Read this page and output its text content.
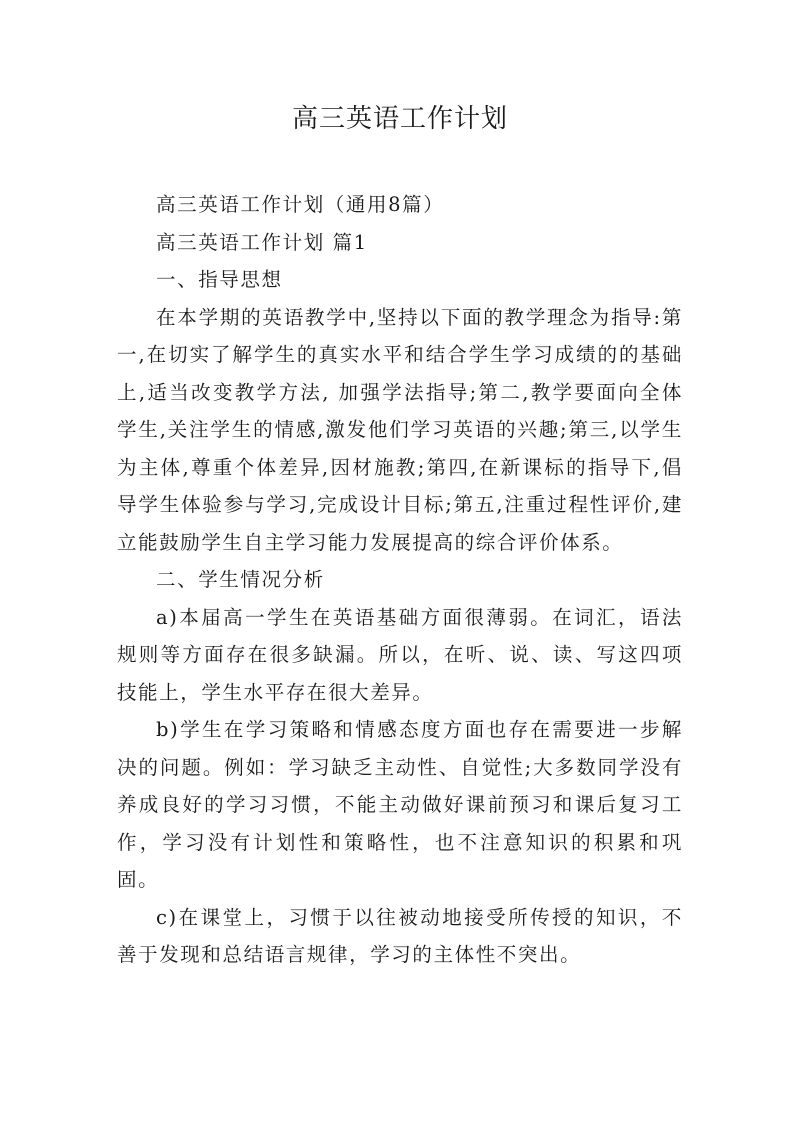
高三英语工作计划

高三英语工作计划（通用8篇）

高三英语工作计划 篇1

一、指导思想

在本学期的英语教学中,坚持以下面的教学理念为指导:第一,在切实了解学生的真实水平和结合学生学习成绩的的基础上,适当改变教学方法, 加强学法指导;第二,教学要面向全体学生,关注学生的情感,激发他们学习英语的兴趣;第三,以学生为主体,尊重个体差异,因材施教;第四,在新课标的指导下,倡导学生体验参与学习,完成设计目标;第五,注重过程性评价,建立能鼓励学生自主学习能力发展提高的综合评价体系。

二、学生情况分析

a)本届高一学生在英语基础方面很薄弱。在词汇，语法规则等方面存在很多缺漏。所以，在听、说、读、写这四项技能上，学生水平存在很大差异。

b)学生在学习策略和情感态度方面也存在需要进一步解决的问题。例如：学习缺乏主动性、自觉性;大多数同学没有养成良好的学习习惯，不能主动做好课前预习和课后复习工作，学习没有计划性和策略性，也不注意知识的积累和巩固。

c)在课堂上，习惯于以往被动地接受所传授的知识，不善于发现和总结语言规律，学习的主体性不突出。
